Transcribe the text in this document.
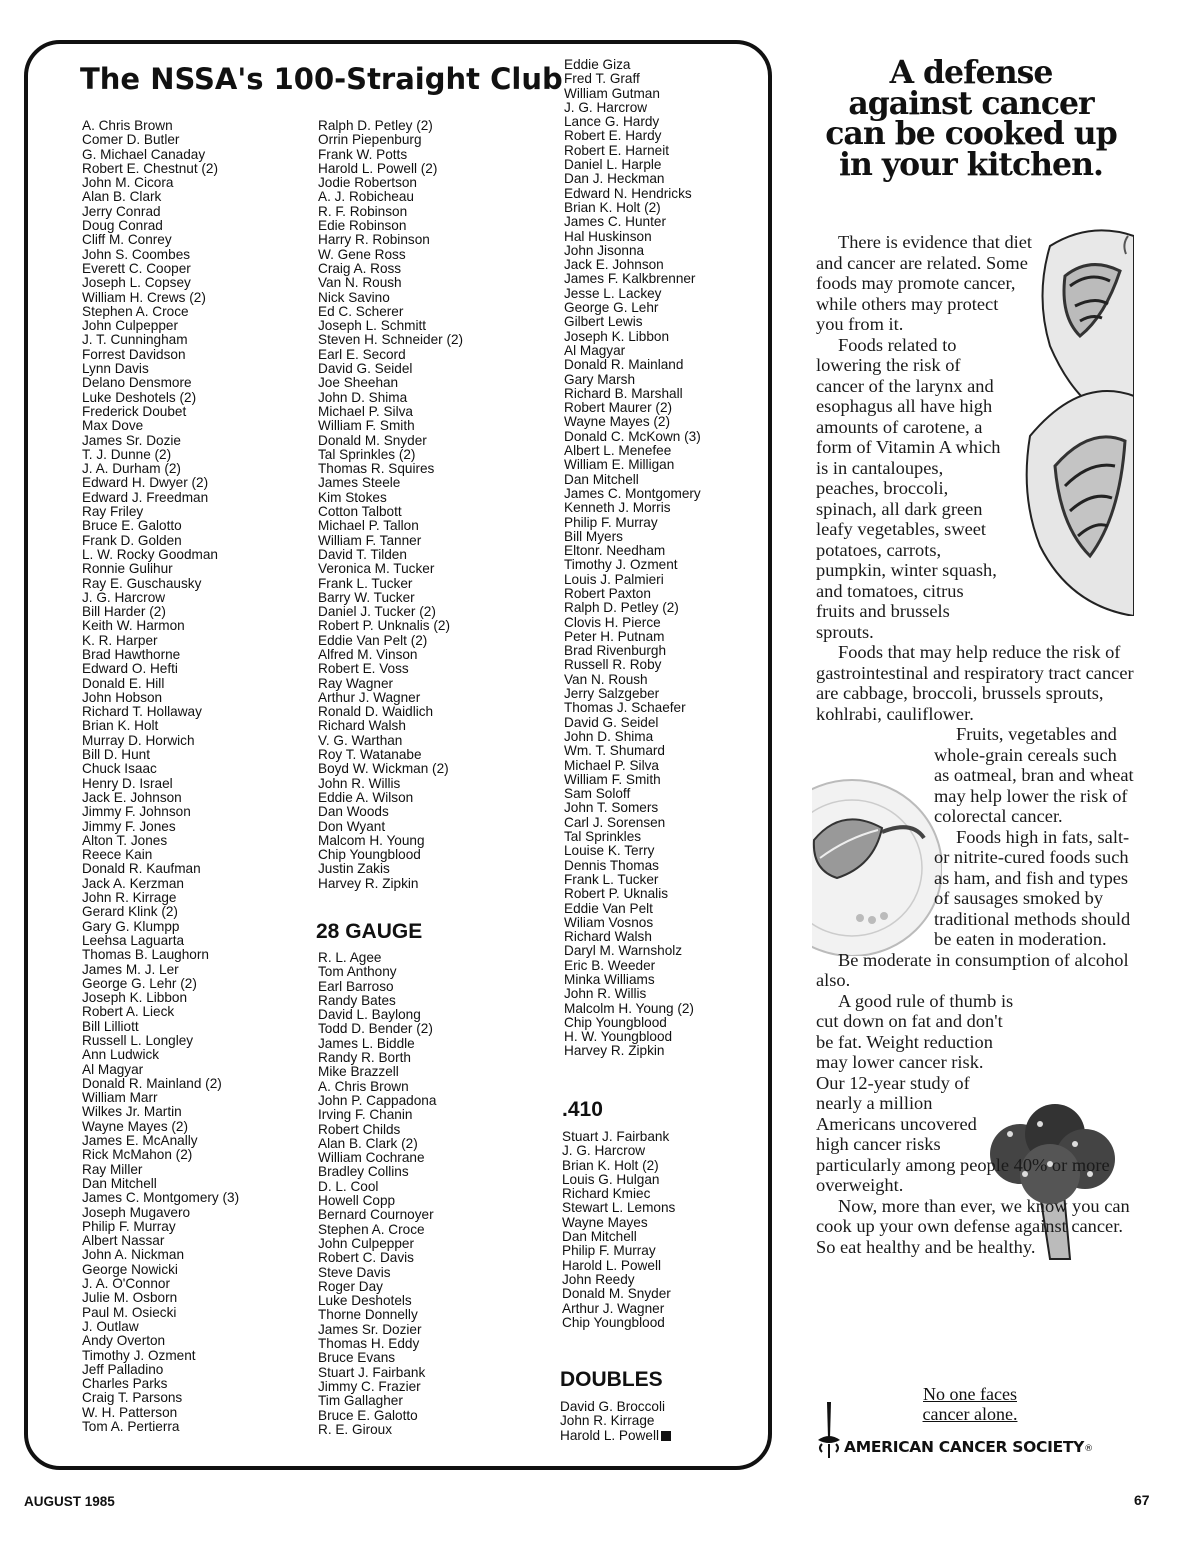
The NSSA's 100-Straight Club
A. Chris Brown
Comer D. Butler
G. Michael Canaday
Robert E. Chestnut (2)
John M. Cicora
Alan B. Clark
Jerry Conrad
Doug Conrad
Cliff M. Conrey
John S. Coombes
Everett C. Cooper
Joseph L. Copsey
William H. Crews (2)
Stephen A. Croce
John Culpepper
J. T. Cunningham
Forrest Davidson
Lynn Davis
Delano Densmore
Luke Deshotels (2)
Frederick Doubet
Max Dove
James Sr. Dozie
T. J. Dunne (2)
J. A. Durham (2)
Edward H. Dwyer (2)
Edward J. Freedman
Ray Friley
Bruce E. Galotto
Frank D. Golden
L. W. Rocky Goodman
Ronnie Gulihur
Ray E. Guschausky
J. G. Harcrow
Bill Harder (2)
Keith W. Harmon
K. R. Harper
Brad Hawthorne
Edward O. Hefti
Donald E. Hill
John Hobson
Richard T. Hollaway
Brian K. Holt
Murray D. Horwich
Bill D. Hunt
Chuck Isaac
Henry D. Israel
Jack E. Johnson
Jimmy F. Johnson
Jimmy F. Jones
Alton T. Jones
Reece Kain
Donald R. Kaufman
Jack A. Kerzman
John R. Kirrage
Gerard Klink (2)
Gary G. Klumpp
Leehsa Laguarta
Thomas B. Laughorn
James M. J. Ler
George G. Lehr (2)
Joseph K. Libbon
Robert A. Lieck
Bill Lilliott
Russell L. Longley
Ann Ludwick
Al Magyar
Donald R. Mainland (2)
William Marr
Wilkes Jr. Martin
Wayne Mayes (2)
James E. McAnally
Rick McMahon (2)
Ray Miller
Dan Mitchell
James C. Montgomery (3)
Joseph Mugavero
Philip F. Murray
Albert Nassar
John A. Nickman
George Nowicki
J. A. O'Connor
Julie M. Osborn
Paul M. Osiecki
J. Outlaw
Andy Overton
Timothy J. Ozment
Jeff Palladino
Charles Parks
Craig T. Parsons
W. H. Patterson
Tom A. Pertierra
Ralph D. Petley (2)
Orrin Piepenburg
Frank W. Potts
Harold L. Powell (2)
Jodie Robertson
A. J. Robicheau
R. F. Robinson
Edie Robinson
Harry R. Robinson
W. Gene Ross
Craig A. Ross
Van N. Roush
Nick Savino
Ed C. Scherer
Joseph L. Schmitt
Steven H. Schneider (2)
Earl E. Secord
David G. Seidel
Joe Sheehan
John D. Shima
Michael P. Silva
William F. Smith
Donald M. Snyder
Tal Sprinkles (2)
Thomas R. Squires
James Steele
Kim Stokes
Cotton Talbott
Michael P. Tallon
William F. Tanner
David T. Tilden
Veronica M. Tucker
Frank L. Tucker
Barry W. Tucker
Daniel J. Tucker (2)
Robert P. Unknalis (2)
Eddie Van Pelt (2)
Alfred M. Vinson
Robert E. Voss
Ray Wagner
Arthur J. Wagner
Ronald D. Waidlich
Richard Walsh
V. G. Warthan
Roy T. Watanabe
Boyd W. Wickman (2)
John R. Willis
Eddie A. Wilson
Dan Woods
Don Wyant
Malcom H. Young
Chip Youngblood
Justin Zakis
Harvey R. Zipkin
28 GAUGE
R. L. Agee
Tom Anthony
Earl Barroso
Randy Bates
David L. Baylong
Todd D. Bender (2)
James L. Biddle
Randy R. Borth
Mike Brazzell
A. Chris Brown
John P. Cappadona
Irving F. Chanin
Robert Childs
Alan B. Clark (2)
William Cochrane
Bradley Collins
D. L. Cool
Howell Copp
Bernard Cournoyer
Stephen A. Croce
John Culpepper
Robert C. Davis
Steve Davis
Roger Day
Luke Deshotels
Thorne Donnelly
James Sr. Dozier
Thomas H. Eddy
Bruce Evans
Stuart J. Fairbank
Jimmy C. Frazier
Tim Gallagher
Bruce E. Galotto
R. E. Giroux
Eddie Giza
Fred T. Graff
William Gutman
J. G. Harcrow
Lance G. Hardy
Robert E. Hardy
Robert E. Harneit
Daniel L. Harple
Dan J. Heckman
Edward N. Hendricks
Brian K. Holt (2)
James C. Hunter
Hal Huskinson
John Jisonna
Jack E. Johnson
James F. Kalkbrenner
Jesse L. Lackey
George G. Lehr
Gilbert Lewis
Joseph K. Libbon
Al Magyar
Donald R. Mainland
Gary Marsh
Richard B. Marshall
Robert Maurer (2)
Wayne Mayes (2)
Donald C. McKown (3)
Albert L. Menefee
William E. Milligan
Dan Mitchell
James C. Montgomery
Kenneth J. Morris
Philip F. Murray
Bill Myers
Eltonr. Needham
Timothy J. Ozment
Louis J. Palmieri
Robert Paxton
Ralph D. Petley (2)
Clovis H. Pierce
Peter H. Putnam
Brad Rivenburgh
Russell R. Roby
Van N. Roush
Jerry Salzgeber
Thomas J. Schaefer
David G. Seidel
John D. Shima
Wm. T. Shumard
Michael P. Silva
William F. Smith
Sam Soloff
John T. Somers
Carl J. Sorensen
Tal Sprinkles
Louise K. Terry
Dennis Thomas
Frank L. Tucker
Robert P. Uknalis
Eddie Van Pelt
Wiliam Vosnos
Richard Walsh
Daryl M. Warnsholz
Eric B. Weeder
Minka Williams
John R. Willis
Malcolm H. Young (2)
Chip Youngblood
H. W. Youngblood
Harvey R. Zipkin
.410
Stuart J. Fairbank
J. G. Harcrow
Brian K. Holt (2)
Louis G. Hulgan
Richard Kmiec
Stewart L. Lemons
Wayne Mayes
Dan Mitchell
Philip F. Murray
Harold L. Powell
John Reedy
Donald M. Snyder
Arthur J. Wagner
Chip Youngblood
DOUBLES
David G. Broccoli
John R. Kirrage
Harold L. Powell
A defense
against cancer
can be cooked up
in your kitchen.

There is evidence that diet and cancer are related. Some foods may promote cancer, while others may protect you from it.

Foods related to lowering the risk of cancer of the larynx and esophagus all have high amounts of carotene, a form of Vitamin A which is in cantaloupes, peaches, broccoli, spinach, all dark green leafy vegetables, sweet potatoes, carrots, pumpkin, winter squash, and tomatoes, citrus fruits and brussels sprouts.

Foods that may help reduce the risk of gastrointestinal and respiratory tract cancer are cabbage, broccoli, brussels sprouts, kohlrabi, cauliflower.

Fruits, vegetables and whole-grain cereals such as oatmeal, bran and wheat may help lower the risk of colorectal cancer.

Foods high in fats, salt- or nitrite-cured foods such as ham, and fish and types of sausages smoked by traditional methods should be eaten in moderation.

Be moderate in consumption of alcohol also.

A good rule of thumb is cut down on fat and don't be fat. Weight reduction may lower cancer risk. Our 12-year study of nearly a million Americans uncovered high cancer risks particularly among people 40% or more overweight.

Now, more than ever, we know you can cook up your own defense against cancer. So eat healthy and be healthy.

No one faces
cancer alone.
AMERICAN CANCER SOCIETY®
AUGUST 1985	67
